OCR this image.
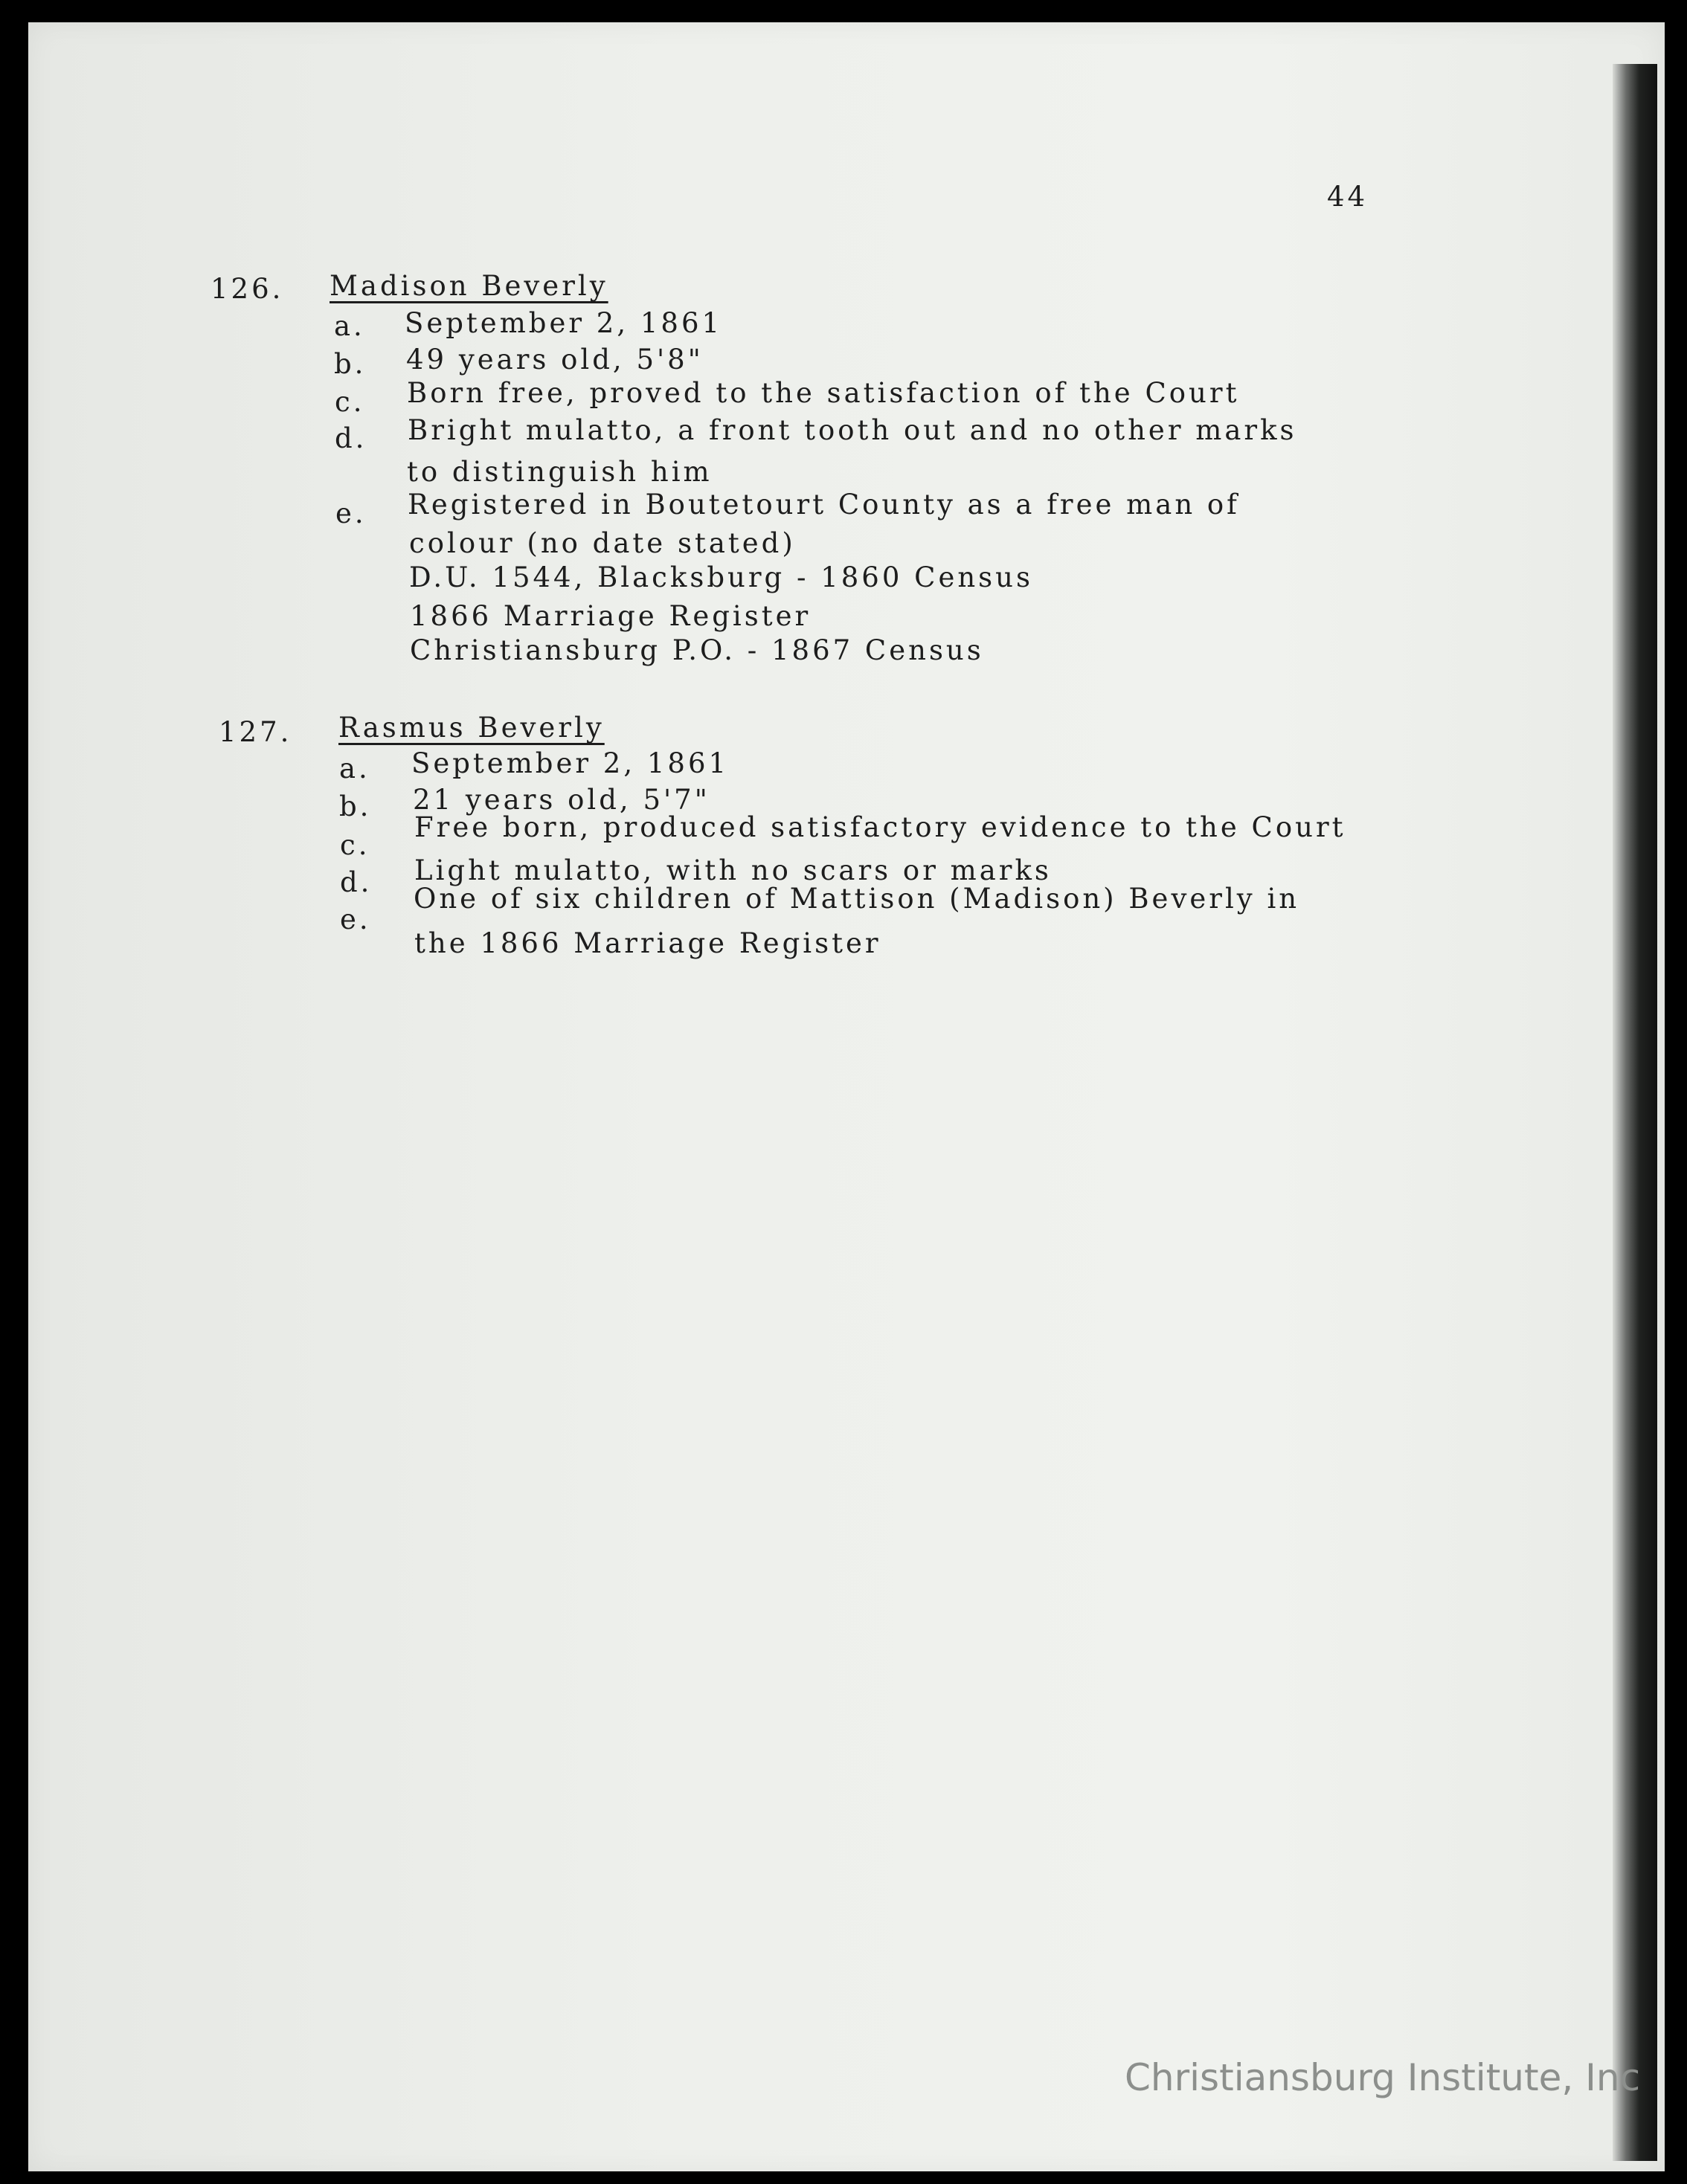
44
126. Madison Beverly
a. September 2, 1861
b. 49 years old, 5'8"
c. Born free, proved to the satisfaction of the Court
d. Bright mulatto, a front tooth out and no other marks
to distinguish him
e. Registered in Boutetourt County as a free man of
colour (no date stated)
D.U. 1544, Blacksburg - 1860 Census
1866 Marriage Register
Christiansburg P.O. - 1867 Census
127. Rasmus Beverly
a. September 2, 1861
b. 21 years old, 5'7"
c.
Free born, produced satisfactory evidence to the Court
d. Light mulatto, with no scars or marks
e.
One of six children of Mattison (Madison) Beverly in
the 1866 Marriage Register
Christiansburg Institute, Inc
